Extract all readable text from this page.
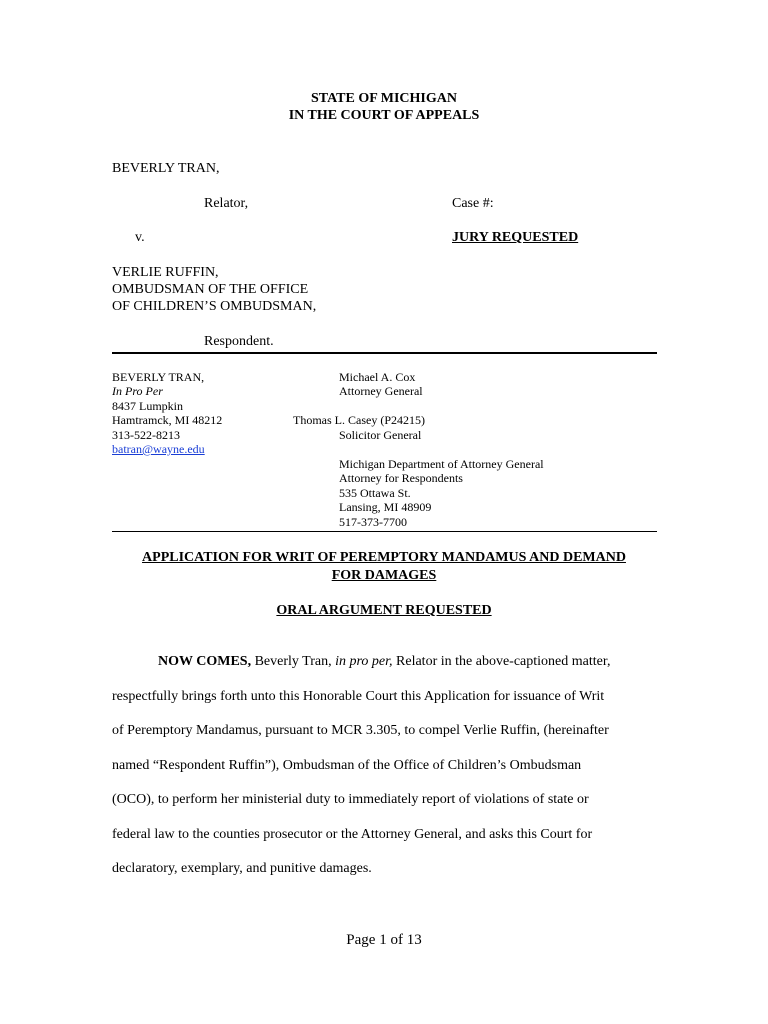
STATE OF MICHIGAN
IN THE COURT OF APPEALS
BEVERLY TRAN,
Relator,	Case #:
v.	JURY REQUESTED
VERLIE RUFFIN,
OMBUDSMAN OF THE OFFICE
OF CHILDREN’S OMBUDSMAN,
Respondent.
BEVERLY TRAN,
In Pro Per
8437 Lumpkin
Hamtramck, MI 48212
313-522-8213
batran@wayne.edu
Michael A. Cox
Attorney General
Thomas L. Casey (P24215)
Solicitor General
Michigan Department of Attorney General
Attorney for Respondents
535 Ottawa St.
Lansing, MI 48909
517-373-7700
APPLICATION FOR WRIT OF PEREMPTORY MANDAMUS AND DEMAND
FOR DAMAGES
ORAL ARGUMENT REQUESTED

NOW COMES, Beverly Tran, in pro per, Relator in the above-captioned matter,

respectfully brings forth unto this Honorable Court this Application for issuance of Writ

of Peremptory Mandamus, pursuant to MCR 3.305, to compel Verlie Ruffin, (hereinafter

named “Respondent Ruffin”), Ombudsman of the Office of Children’s Ombudsman

(OCO), to perform her ministerial duty to immediately report of violations of state or

federal law to the counties prosecutor or the Attorney General, and asks this Court for

declaratory, exemplary, and punitive damages.

Page 1 of 13
